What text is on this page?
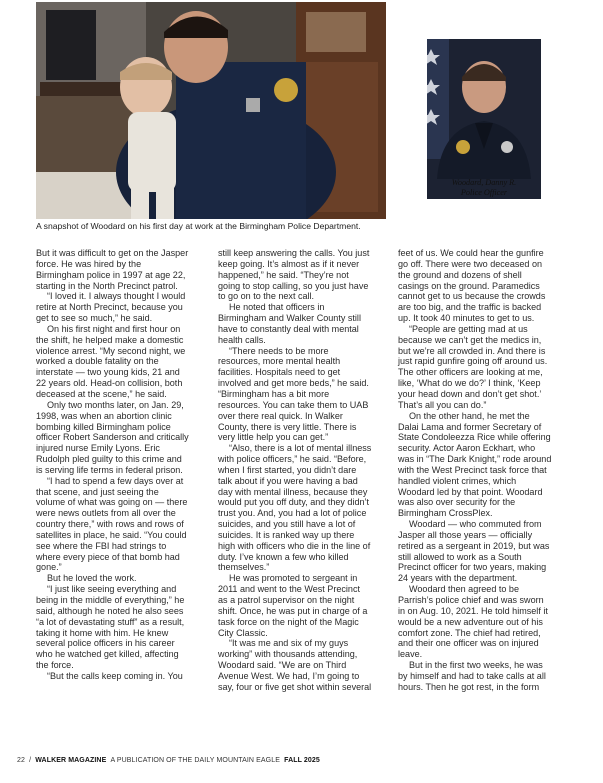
Woodard, Danny R.
Police Officer
A snapshot of Woodard on his first day at work at the Birmingham Police Department.

But it was difficult to get on the Jasper force. He was hired by the Birmingham police in 1997 at age 22, starting in the North Precinct patrol.

“I loved it. I always thought I would retire at North Precinct, because you get to see so much,” he said.

On his first night and first hour on the shift, he helped make a domestic violence arrest. “My second night, we worked a double fatality on the interstate — two young kids, 21 and 22 years old. Head-on collision, both deceased at the scene,” he said.

Only two months later, on Jan. 29, 1998, was when an abortion clinic bombing killed Birmingham police officer Robert Sanderson and critically injured nurse Emily Lyons. Eric Rudolph pled guilty to this crime and is serving life terms in federal prison.

“I had to spend a few days over at that scene, and just seeing the volume of what was going on — there were news outlets from all over the country there,” with rows and rows of satellites in place, he said. “You could see where the FBI had strings to where every piece of that bomb had gone.”

But he loved the work.

“I just like seeing everything and being in the middle of everything,” he said, although he noted he also sees “a lot of devastating stuff” as a result, taking it home with him. He knew several police officers in his career who he watched get killed, affecting the force.

“But the calls keep coming in. You

still keep answering the calls. You just keep going. It’s almost as if it never happened,” he said. “They’re not going to stop calling, so you just have to go on to the next call.

He noted that officers in Birmingham and Walker County still have to constantly deal with mental health calls.

“There needs to be more resources, more mental health facilities. Hospitals need to get involved and get more beds,” he said. “Birmingham has a bit more resources. You can take them to UAB over there real quick. In Walker County, there is very little. There is very little help you can get.”

“Also, there is a lot of mental illness with police officers,” he said. “Before, when I first started, you didn’t dare talk about if you were having a bad day with mental illness, because they would put you off duty, and they didn’t trust you. And, you had a lot of police suicides, and you still have a lot of suicides. It is ranked way up there high with officers who die in the line of duty. I’ve known a few who killed themselves.”

He was promoted to sergeant in 2011 and went to the West Precinct as a patrol supervisor on the night shift. Once, he was put in charge of a task force on the night of the Magic City Classic.

“It was me and six of my guys working” with thousands attending, Woodard said. “We are on Third Avenue West. We had, I’m going to say, four or five get shot within several

feet of us. We could hear the gunfire go off. There were two deceased on the ground and dozens of shell casings on the ground. Paramedics cannot get to us because the crowds are too big, and the traffic is backed up. It took 40 minutes to get to us.

“People are getting mad at us because we can’t get the medics in, but we’re all crowded in. And there is just rapid gunfire going off around us. The other officers are looking at me, like, ‘What do we do?’ I think, ‘Keep your head down and don’t get shot.’ That’s all you can do.”

On the other hand, he met the Dalai Lama and former Secretary of State Condoleezza Rice while offering security. Actor Aaron Eckhart, who was in “The Dark Knight,” rode around with the West Precinct task force that handled violent crimes, which Woodard led by that point. Woodard was also over security for the Birmingham CrossPlex.

Woodard — who commuted from Jasper all those years — officially retired as a sergeant in 2019, but was still allowed to work as a South Precinct officer for two years, making 24 years with the department.

Woodard then agreed to be Parrish’s police chief and was sworn in on Aug. 10, 2021. He told himself it would be a new adventure out of his comfort zone. The chief had retired, and their one officer was on injured leave.

But in the first two weeks, he was by himself and had to take calls at all hours. Then he got rest, in the form

22 / WALKER MAGAZINE A PUBLICATION OF THE DAILY MOUNTAIN EAGLE FALL 2025
